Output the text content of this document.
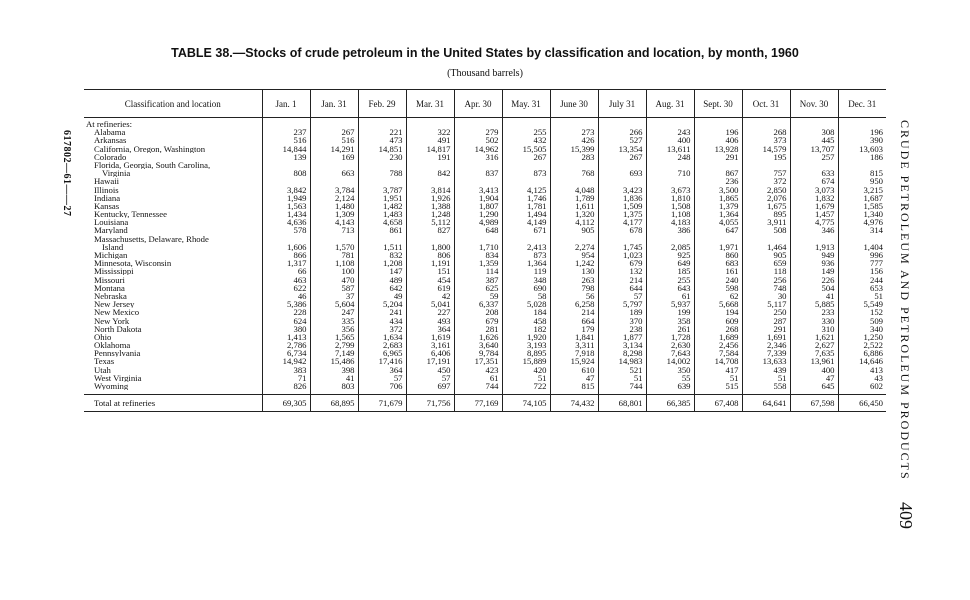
TABLE 38.—Stocks of crude petroleum in the United States by classification and location, by month, 1960
(Thousand barrels)
617802—61——27	CRUDE PETROLEUM AND PETROLEUM PRODUCTS
409
Classification and location	Jan. 1	Jan. 31	Feb. 29	Mar. 31	Apr. 30	May. 31	June 30	July 31	Aug. 31	Sept. 30	Oct. 31	Nov. 30	Dec. 31
At refineries:													
Alabama	237	267	221	322	279	255	273	266	243	196	268	308	196
Arkansas	516	516	473	491	502	432	426	527	400	406	373	445	390
California, Oregon, Washington	14,844	14,291	14,851	14,817	14,962	15,505	15,399	13,354	13,611	13,928	14,579	13,707	13,603
Colorado	139	169	230	191	316	267	283	267	248	291	195	257	186
Florida, Georgia, South Carolina,													
Virginia	808	663	788	842	837	873	768	693	710	867	757	633	815
Hawaii										236	372	674	950
Illinois	3,842	3,784	3,787	3,814	3,413	4,125	4,048	3,423	3,673	3,500	2,850	3,073	3,215
Indiana	1,949	2,124	1,951	1,926	1,904	1,746	1,789	1,836	1,810	1,865	2,076	1,832	1,687
Kansas	1,563	1,480	1,482	1,388	1,807	1,781	1,611	1,509	1,508	1,379	1,675	1,679	1,585
Kentucky, Tennessee	1,434	1,309	1,483	1,248	1,290	1,494	1,320	1,375	1,108	1,364	895	1,457	1,340
Louisiana	4,636	4,143	4,658	5,112	4,989	4,149	4,112	4,177	4,183	4,055	3,911	4,775	4,976
Maryland	578	713	861	827	648	671	905	678	386	647	508	346	314
Massachusetts, Delaware, Rhode													
Island	1,606	1,570	1,511	1,800	1,710	2,413	2,274	1,745	2,085	1,971	1,464	1,913	1,404
Michigan	866	781	832	806	834	873	954	1,023	925	860	905	949	996
Minnesota, Wisconsin	1,317	1,108	1,208	1,191	1,359	1,364	1,242	679	649	683	659	936	777
Mississippi	66	100	147	151	114	119	130	132	185	161	118	149	156
Missouri	463	470	489	454	387	348	263	214	255	240	256	226	244
Montana	622	587	642	619	625	690	798	644	643	598	748	504	653
Nebraska	46	37	49	42	59	58	56	57	61	62	30	41	51
New Jersey	5,386	5,604	5,204	5,041	6,337	5,028	6,258	5,797	5,937	5,668	5,117	5,885	5,549
New Mexico	228	247	241	227	208	184	214	189	199	194	250	233	152
New York	624	335	434	493	679	458	664	370	358	609	287	330	509
North Dakota	380	356	372	364	281	182	179	238	261	268	291	310	340
Ohio	1,413	1,565	1,634	1,619	1,626	1,920	1,841	1,877	1,728	1,689	1,691	1,621	1,250
Oklahoma	2,786	2,799	2,683	3,161	3,640	3,193	3,311	3,134	2,630	2,456	2,346	2,627	2,522
Pennsylvania	6,734	7,149	6,965	6,406	9,784	8,895	7,918	8,298	7,643	7,584	7,339	7,635	6,886
Texas	14,942	15,486	17,416	17,191	17,351	15,889	15,924	14,983	14,002	14,708	13,633	13,961	14,646
Utah	383	398	364	450	423	420	610	521	350	417	439	400	413
West Virginia	71	41	57	57	61	51	47	51	55	51	51	47	43
Wyoming	826	803	706	697	744	722	815	744	639	515	558	645	602

Total at refineries	69,305	68,895	71,679	71,756	77,169	74,105	74,432	68,801	66,385	67,408	64,641	67,598	66,450
